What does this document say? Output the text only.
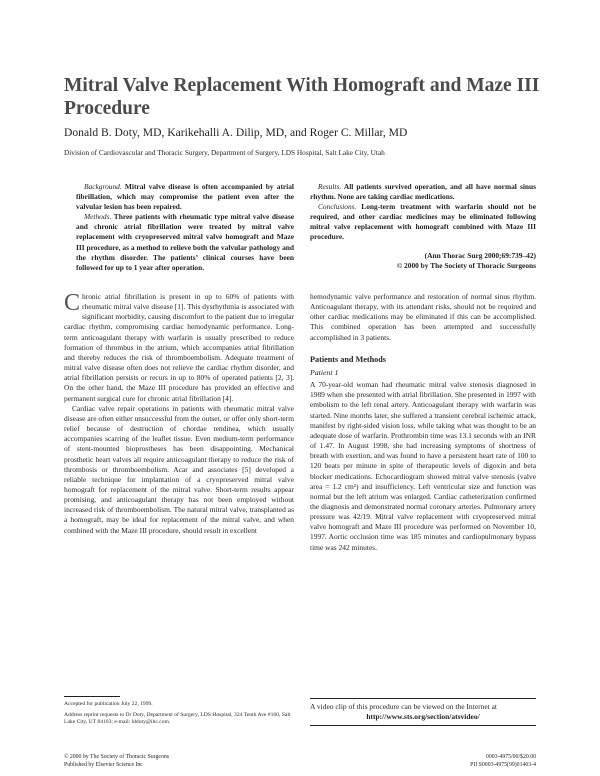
Mitral Valve Replacement With Homograft and Maze III Procedure
Donald B. Doty, MD, Karikehalli A. Dilip, MD, and Roger C. Millar, MD
Division of Cardiovascular and Thoracic Surgery, Department of Surgery, LDS Hospital, Salt Lake City, Utah

Background. Mitral valve disease is often accompanied by atrial fibrillation, which may compromise the patient even after the valvular lesion has been repaired.

Methods. Three patients with rheumatic type mitral valve disease and chronic atrial fibrillation were treated by mitral valve replacement with cryopreserved mitral valve homograft and Maze III procedure, as a method to relieve both the valvular pathology and the rhythm disorder. The patients’ clinical courses have been followed for up to 1 year after operation.

Results. All patients survived operation, and all have normal sinus rhythm. None are taking cardiac medications.

Conclusions. Long-term treatment with warfarin should not be required, and other cardiac medicines may be eliminated following mitral valve replacement with homograft combined with Maze III procedure.

(Ann Thorac Surg 2000;69:739–42)

© 2000 by The Society of Thoracic Surgeons

Chronic atrial fibrillation is present in up to 60% of patients with rheumatic mitral valve disease [1]. This dysrhythmia is associated with significant morbidity, causing discomfort to the patient due to irregular cardiac rhythm, compromising cardiac hemodynamic performance. Long-term anticoagulant therapy with warfarin is usually prescribed to reduce formation of thrombus in the atrium, which accompanies atrial fibrillation and thereby reduces the risk of thromboembolism. Adequate treatment of mitral valve disease often does not relieve the cardiac rhythm disorder, and atrial fibrillation persists or recurs in up to 80% of operated patients [2, 3]. On the other hand, the Maze III procedure has provided an effective and permanent surgical cure for chronic atrial fibrillation [4].

Cardiac valve repair operations in patients with rheumatic mitral valve disease are often either unsuccessful from the outset, or offer only short-term relief because of destruction of chordae tendinea, which usually accompanies scarring of the leaflet tissue. Even medium-term performance of stent-mounted bioprostheses has been disappointing. Mechanical prosthetic heart valves all require anticoagulant therapy to reduce the risk of thrombosis or thromboembolism. Acar and associates [5] developed a reliable technique for implantation of a cryopreserved mitral valve homograft for replacement of the mitral valve. Short-term results appear promising, and anticoagulant therapy has not been employed without increased risk of thromboembolism. The natural mitral valve, transplanted as a homograft, may be ideal for replacement of the mitral valve, and when combined with the Maze III procedure, should result in excellent

hemodynamic valve performance and restoration of normal sinus rhythm. Anticoagulant therapy, with its attendant risks, should not be required and other cardiac medications may be eliminated if this can be accomplished. This combined operation has been attempted and successfully accomplished in 3 patients.

Patients and Methods
Patient 1

A 70-year-old woman had rheumatic mitral valve stenosis diagnosed in 1989 when she presented with atrial fibrillation. She presented in 1997 with embolism to the left renal artery. Anticoagulant therapy with warfarin was started. Nine months later, she suffered a transient cerebral ischemic attack, manifest by right-sided vision loss, while taking what was thought to be an adequate dose of warfarin. Prothrombin time was 13.1 seconds with an INR of 1.47. In August 1998, she had increasing symptoms of shortness of breath with exertion, and was found to have a persistent heart rate of 100 to 120 beats per minute in spite of therapeutic levels of digoxin and beta blocker medications. Echocardiogram showed mitral valve stenosis (valve area = 1.2 cm²) and insufficiency. Left ventricular size and function was normal but the left atrium was enlarged. Cardiac catheterization confirmed the diagnosis and demonstrated normal coronary arteries. Pulmonary artery pressure was 42/19. Mitral valve replacement with cryopreserved mitral valve homograft and Maze III procedure was performed on November 10, 1997. Aortic occlusion time was 185 minutes and cardiopulmonary bypass time was 242 minutes.

Accepted for publication July 22, 1999.

Address reprint requests to Dr Doty, Department of Surgery, LDS Hospital, 324 Tenth Ave #160, Salt Lake City, UT 84103; e-mail: lddoty@ihc.com.

A video clip of this procedure can be viewed on the Internet at
http://www.sts.org/section/atsvideo/
© 2000 by The Society of Thoracic Surgeons
Published by Elsevier Science Inc
0003-4975/00/$20.00
PII S0003-4975(99)01403-4
